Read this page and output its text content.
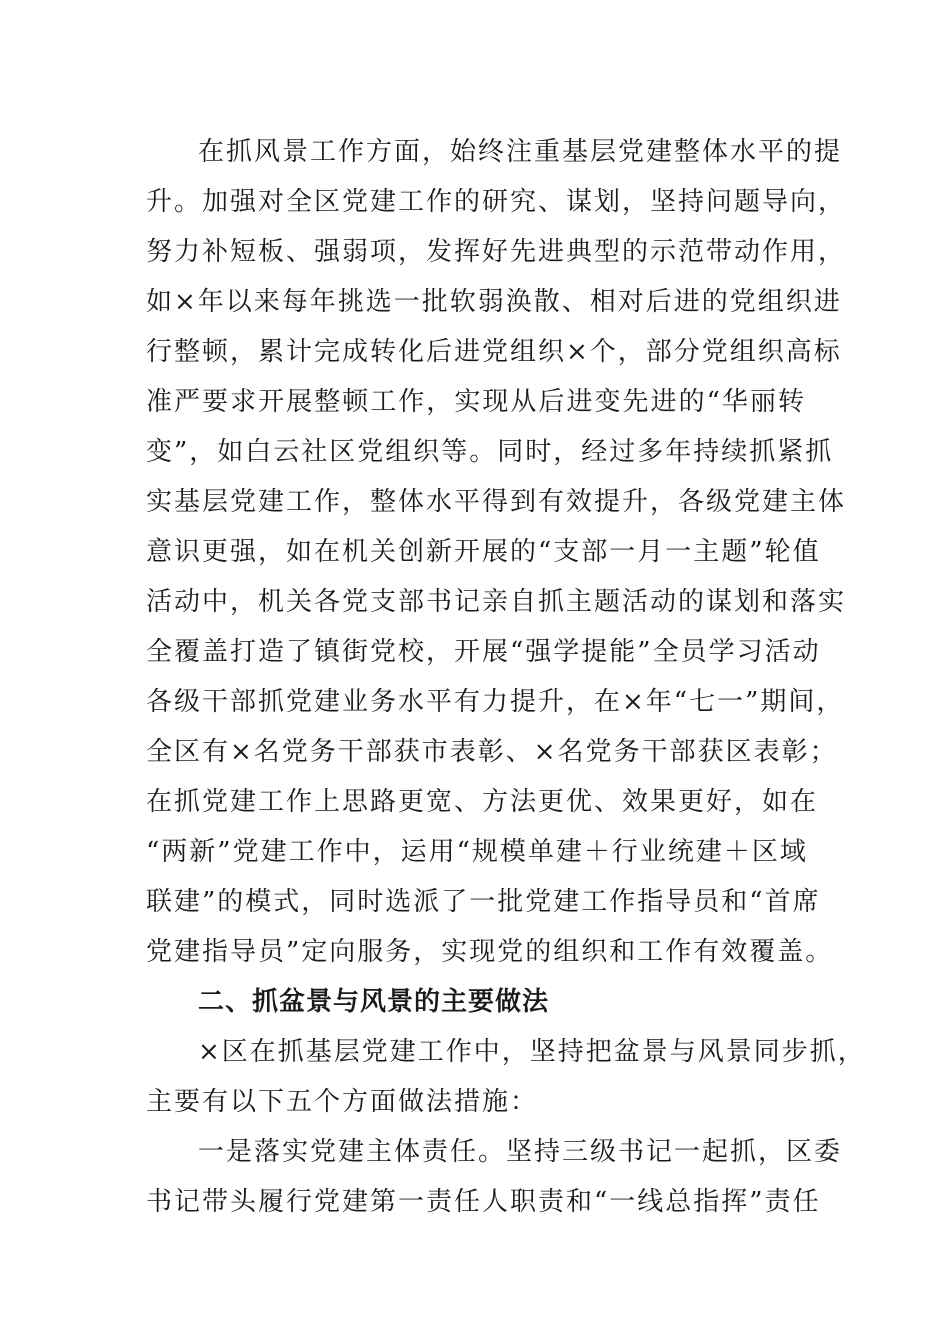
在抓风景工作方面，始终注重基层党建整体水平的提
升。加强对全区党建工作的研究、谋划，坚持问题导向，
努力补短板、强弱项，发挥好先进典型的示范带动作用，
如×年以来每年挑选一批软弱涣散、相对后进的党组织进
行整顿，累计完成转化后进党组织×个，部分党组织高标
准严要求开展整顿工作，实现从后进变先进的“华丽转
变”，如白云社区党组织等。同时，经过多年持续抓紧抓
实基层党建工作，整体水平得到有效提升，各级党建主体
意识更强，如在机关创新开展的“支部一月一主题”轮值
活动中，机关各党支部书记亲自抓主题活动的谋划和落实
全覆盖打造了镇街党校，开展“强学提能”全员学习活动
各级干部抓党建业务水平有力提升，在×年“七一”期间，
全区有×名党务干部获市表彰、×名党务干部获区表彰；
在抓党建工作上思路更宽、方法更优、效果更好，如在
“两新”党建工作中，运用“规模单建＋行业统建＋区域
联建”的模式，同时选派了一批党建工作指导员和“首席
党建指导员”定向服务，实现党的组织和工作有效覆盖。
二、抓盆景与风景的主要做法
×区在抓基层党建工作中，坚持把盆景与风景同步抓，
主要有以下五个方面做法措施：
一是落实党建主体责任。坚持三级书记一起抓，区委
书记带头履行党建第一责任人职责和“一线总指挥”责任
